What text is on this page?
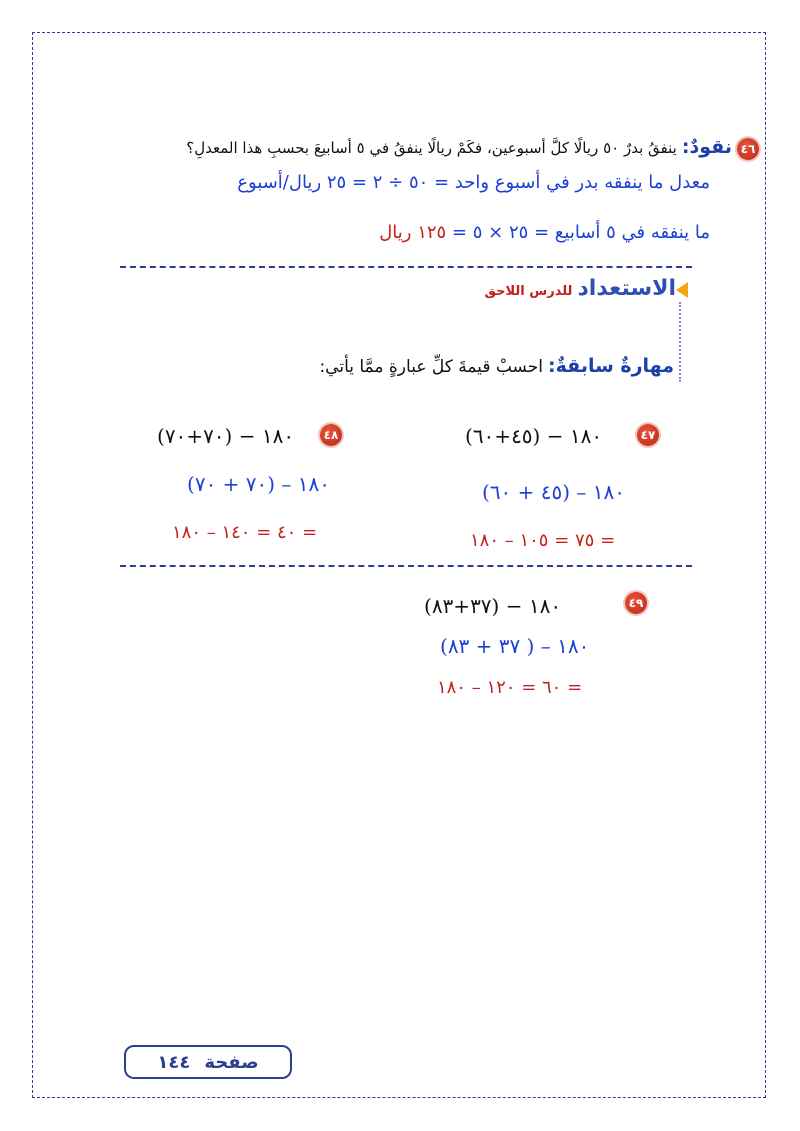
٤٦
نقودٌ: ينفقُ بدرٌ ٥٠ ريالًا كلَّ أسبوعين، فكَمْ ريالًا ينفقُ في ٥ أسابيعَ بحسبِ هذا المعدلِ؟
معدل ما ينفقه بدر في أسبوع واحد = ٥٠ ÷ ٢ = ٢٥ ريال/أسبوع
ما ينفقه في ٥ أسابيع = ٢٥ × ٥ = ١٢٥ ريال
الاستعداد للدرس اللاحق
مهارةٌ سابقةٌ: احسبْ قيمةَ كلِّ عبارةٍ ممَّا يأتي:
٤٧
١٨٠ − (٤٥+٦٠)
١٨٠ – (٤٥ + ٦٠)
٧٥ = ١٠٥ – ١٨٠ =
٤٨
١٨٠ − (٧٠+٧٠)
١٨٠ – (٧٠ + ٧٠)
٤٠ = ١٤٠ – ١٨٠ =
٤٩
١٨٠ − (٣٧+٨٣)
١٨٠ – ( ٣٧ + ٨٣)
٦٠ = ١٢٠ – ١٨٠ =
صفحة
١٤٤
